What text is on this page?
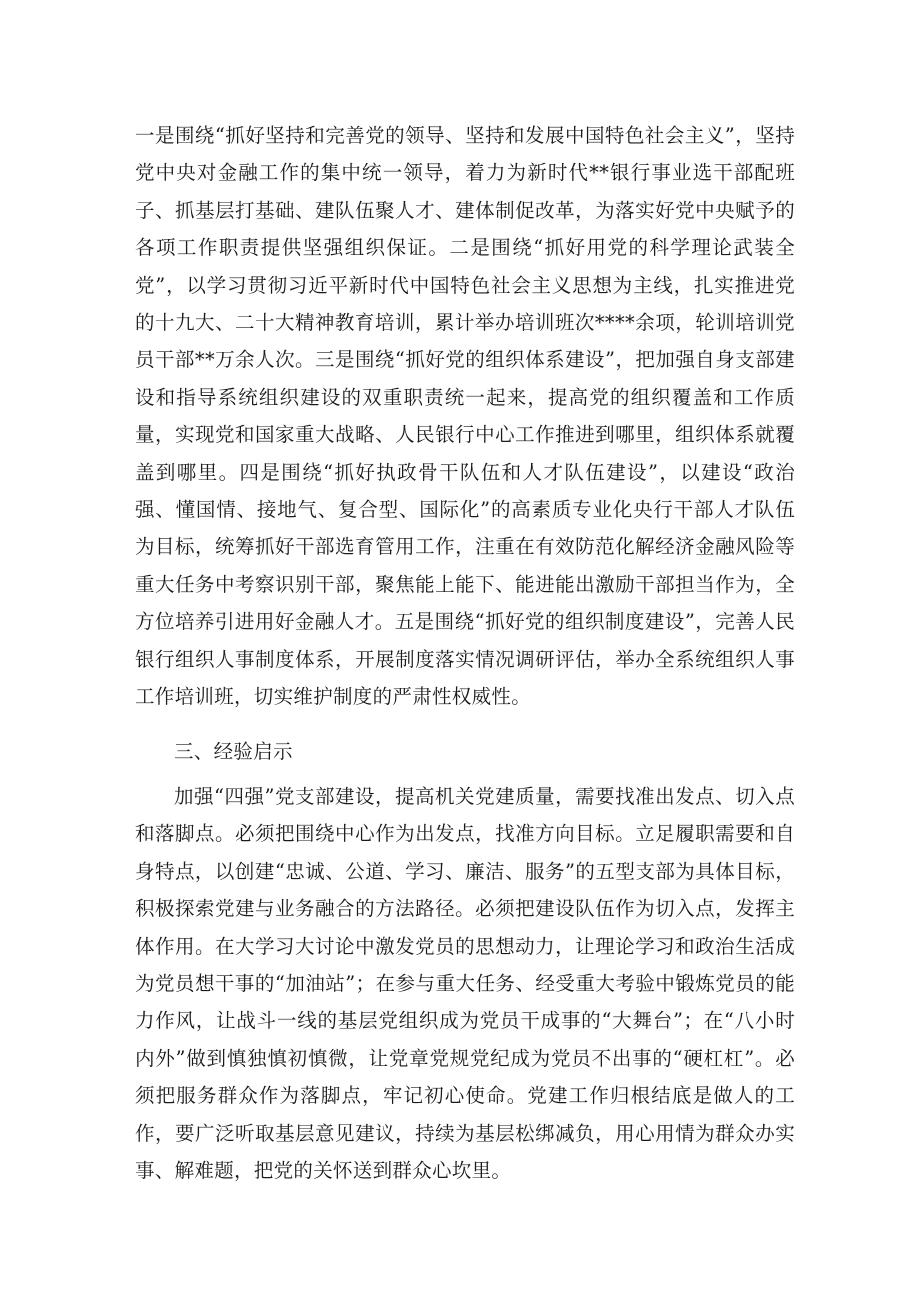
一是围绕“抓好坚持和完善党的领导、坚持和发展中国特色社会主义”，坚持党中央对金融工作的集中统一领导，着力为新时代**银行事业选干部配班子、抓基层打基础、建队伍聚人才、建体制促改革，为落实好党中央赋予的各项工作职责提供坚强组织保证。二是围绕“抓好用党的科学理论武装全党”，以学习贯彻习近平新时代中国特色社会主义思想为主线，扎实推进党的十九大、二十大精神教育培训，累计举办培训班次****余项，轮训培训党员干部**万余人次。三是围绕“抓好党的组织体系建设”，把加强自身支部建设和指导系统组织建设的双重职责统一起来，提高党的组织覆盖和工作质量，实现党和国家重大战略、人民银行中心工作推进到哪里，组织体系就覆盖到哪里。四是围绕“抓好执政骨干队伍和人才队伍建设”，以建设“政治强、懂国情、接地气、复合型、国际化”的高素质专业化央行干部人才队伍为目标，统筹抓好干部选育管用工作，注重在有效防范化解经济金融风险等重大任务中考察识别干部，聚焦能上能下、能进能出激励干部担当作为，全方位培养引进用好金融人才。五是围绕“抓好党的组织制度建设”，完善人民银行组织人事制度体系，开展制度落实情况调研评估，举办全系统组织人事工作培训班，切实维护制度的严肃性权威性。

三、经验启示

加强“四强”党支部建设，提高机关党建质量，需要找准出发点、切入点和落脚点。必须把围绕中心作为出发点，找准方向目标。立足履职需要和自身特点，以创建“忠诚、公道、学习、廉洁、服务”的五型支部为具体目标，积极探索党建与业务融合的方法路径。必须把建设队伍作为切入点，发挥主体作用。在大学习大讨论中激发党员的思想动力，让理论学习和政治生活成为党员想干事的“加油站”；在参与重大任务、经受重大考验中锻炼党员的能力作风，让战斗一线的基层党组织成为党员干成事的“大舞台”；在“八小时内外”做到慎独慎初慎微，让党章党规党纪成为党员不出事的“硬杠杠”。必须把服务群众作为落脚点，牢记初心使命。党建工作归根结底是做人的工作，要广泛听取基层意见建议，持续为基层松绑减负，用心用情为群众办实事、解难题，把党的关怀送到群众心坎里。
